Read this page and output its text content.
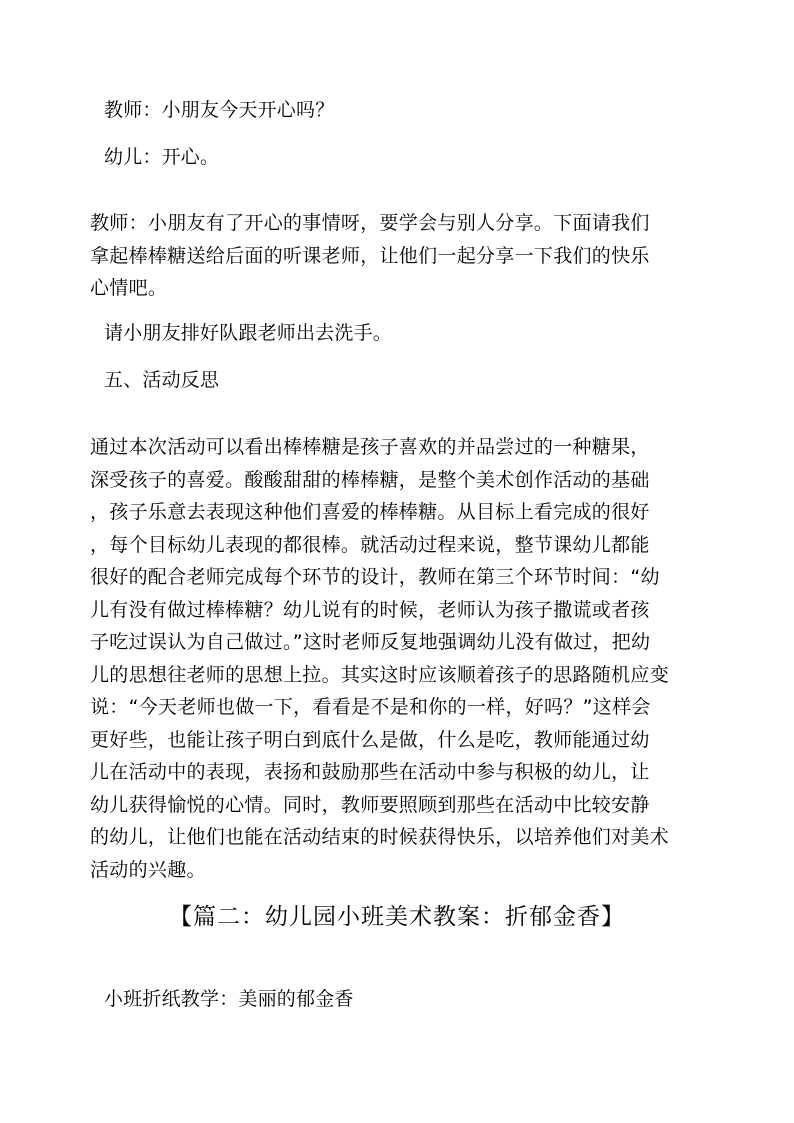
教师：小朋友今天开心吗？
幼儿：开心。
教师：小朋友有了开心的事情呀，要学会与别人分享。下面请我们
拿起棒棒糖送给后面的听课老师，让他们一起分享一下我们的快乐
心情吧。
请小朋友排好队跟老师出去洗手。
五、活动反思
通过本次活动可以看出棒棒糖是孩子喜欢的并品尝过的一种糖果，
深受孩子的喜爱。酸酸甜甜的棒棒糖，是整个美术创作活动的基础
，孩子乐意去表现这种他们喜爱的棒棒糖。从目标上看完成的很好
，每个目标幼儿表现的都很棒。就活动过程来说，整节课幼儿都能
很好的配合老师完成每个环节的设计，教师在第三个环节时间：“幼
儿有没有做过棒棒糖？幼儿说有的时候，老师认为孩子撒谎或者孩
子吃过误认为自己做过。”这时老师反复地强调幼儿没有做过，把幼
儿的思想往老师的思想上拉。其实这时应该顺着孩子的思路随机应变
说：“今天老师也做一下，看看是不是和你的一样，好吗？”这样会
更好些，也能让孩子明白到底什么是做，什么是吃，教师能通过幼
儿在活动中的表现，表扬和鼓励那些在活动中参与积极的幼儿，让
幼儿获得愉悦的心情。同时，教师要照顾到那些在活动中比较安静
的幼儿，让他们也能在活动结束的时候获得快乐，以培养他们对美术
活动的兴趣。
【篇二：幼儿园小班美术教案：折郁金香】
小班折纸教学：美丽的郁金香
